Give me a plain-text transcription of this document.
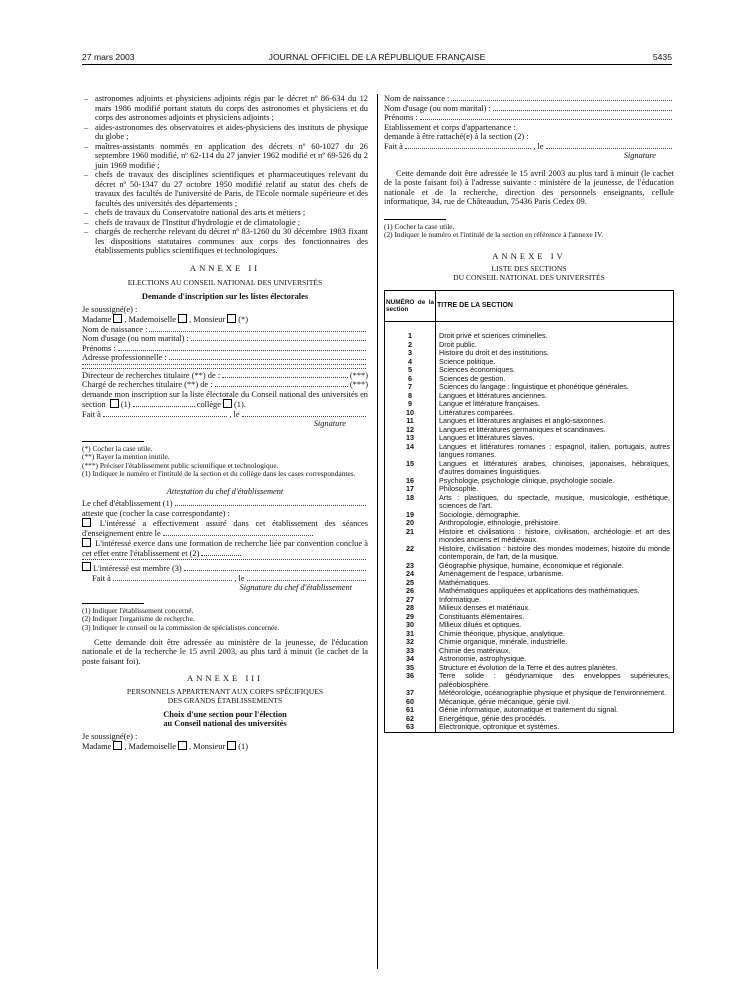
27 mars 2003	JOURNAL OFFICIEL DE LA RÉPUBLIQUE FRANÇAISE	5435
– astronomes adjoints et physiciens adjoints régis par le décret nº 86-634 du 12 mars 1986 modifié portant statuts du corps des astronomes et physiciens et du corps des astronomes adjoints et physiciens adjoints ;
– aides-astronomes des observatoires et aides-physiciens des instituts de physique du globe ;
– maîtres-assistants nommés en application des décrets nº 60-1027 du 26 septembre 1960 modifié, nº 62-114 du 27 janvier 1962 modifié et nº 69-526 du 2 juin 1969 modifié ;
– chefs de travaux des disciplines scientifiques et pharmaceutiques relevant du décret nº 50-1347 du 27 octobre 1950 modifié relatif au statut des chefs de travaux des facultés de l'université de Paris, de l'Ecole normale supérieure et des facultés des universités des départements ;
– chefs de travaux du Conservatoire national des arts et métiers ;
– chefs de travaux de l'Institut d'hydrologie et de climatologie ;
– chargés de recherche relevant du décret nº 83-1260 du 30 décembre 1983 fixant les dispositions statutaires communes aux corps des fonctionnaires des établissements publics scientifiques et technologiques.
ANNEXE II
ELECTIONS AU CONSEIL NATIONAL DES UNIVERSITÉS
Demande d'inscription sur les listes électorales
Je soussigné(e) :
Madame , Mademoiselle , Monsieur (*)
Nom de naissance :
Nom d'usage (ou nom marital) :
Prénoms :
Adresse professionnelle :
Directeur de recherches titulaire (**) de :	(***)
Chargé de recherches titulaire (**) de :	(***)
demande mon inscription sur la liste électorale du Conseil national des universités en section (1)	collège (1).
Fait à	, le
Signature
(*) Cocher la case utile.
(**) Rayer la mention inutile.
(***) Préciser l'établissement public scientifique et technologique.
(1) Indiquer le numéro et l'intitulé de la section et du collège dans les cases correspondantes.
Attestation du chef d'établissement
Le chef d'établissement (1)
atteste que (cocher la case correspondante) :
L'intéressé a effectivement assuré dans cet établissement des séances d'enseignement entre le
L'intéressé exerce dans une formation de recherche liée par convention conclue à cet effet entre l'établissement et (2)
L'intéressé est membre (3)
Fait à	, le
Signature du chef d'établissement
(1) Indiquer l'établissement concerné.
(2) Indiquer l'organisme de recherche.
(3) Indiquer le conseil ou la commission de spécialistes concernée.
Cette demande doit être adressée au ministère de la jeunesse, de l'éducation nationale et de la recherche le 15 avril 2003, au plus tard à minuit (le cachet de la poste faisant foi).
ANNEXE III
PERSONNELS APPARTENANT AUX CORPS SPÉCIFIQUES
DES GRANDS ÉTABLISSEMENTS
Choix d'une section pour l'élection
au Conseil national des universités
Je soussigné(e) :
Madame , Mademoiselle , Monsieur (1)
Nom de naissance :
Nom d'usage (ou nom marital) :
Prénoms :
Etablissement et corps d'appartenance :
demande à être rattaché(e) à la section (2) :
Fait à	, le
Signature
Cette demande doit être adressée le 15 avril 2003 au plus tard à minuit (le cachet de la poste faisant foi) à l'adresse suivante : ministère de la jeunesse, de l'éducation nationale et de la recherche, direction des personnels enseignants, cellule informatique, 34, rue de Châteaudun, 75436 Paris Cedex 09.
(1) Cocher la case utile.
(2) Indiquer le numéro et l'intitulé de la section en référence à l'annexe IV.
ANNEXE IV
LISTE DES SECTIONS
DU CONSEIL NATIONAL DES UNIVERSITÉS
NUMÉRO de la section	TITRE DE LA SECTION

1	Droit privé et sciences criminelles.
2	Droit public.
3	Histoire du droit et des institutions.
4	Science politique.
5	Sciences économiques.
6	Sciences de gestion.
7	Sciences du langage : linguistique et phonétique générales.
8	Langues et littératures anciennes.
9	Langue et littérature françaises.
10	Littératures comparées.
11	Langues et littératures anglaises et anglo-saxonnes.
12	Langues et littératures germaniques et scandinaves.
13	Langues et littératures slaves.
14	Langues et littératures romanes : espagnol, italien, portugais, autres langues romanes.
15	Langues et littératures arabes, chinoises, japonaises, hébraïques, d'autres domaines linguistiques.
16	Psychologie, psychologie clinique, psychologie sociale.
17	Philosophie.
18	Arts : plastiques, du spectacle, musique, musicologie, esthétique, sciences de l'art.
19	Sociologie, démographie.
20	Anthropologie, ethnologie, préhistoire.
21	Histoire et civilisations : histoire, civilisation, archéologie et art des mondes anciens et médiévaux.
22	Histoire, civilisation : histoire des mondes modernes, histoire du monde contemporain, de l'art, de la musique.
23	Géographie physique, humaine, économique et régionale.
24	Aménagement de l'espace, urbanisme.
25	Mathématiques.
26	Mathématiques appliquées et applications des mathématiques.
27	Informatique.
28	Milieux denses et matériaux.
29	Constituants élémentaires.
30	Milieux dilués et optiques.
31	Chimie théorique, physique, analytique.
32	Chimie organique, minérale, industrielle.
33	Chimie des matériaux.
34	Astronomie, astrophysique.
35	Structure et évolution de la Terre et des autres planètes.
36	Terre solide : géodynamique des enveloppes supérieures, paléobiosphère.
37	Météorologie, océanographie physique et physique de l'environnement.
60	Mécanique, génie mécanique, génie civil.
61	Génie informatique, automatique et traitement du signal.
62	Energétique, génie des procédés.
63	Electronique, optronique et systèmes.
